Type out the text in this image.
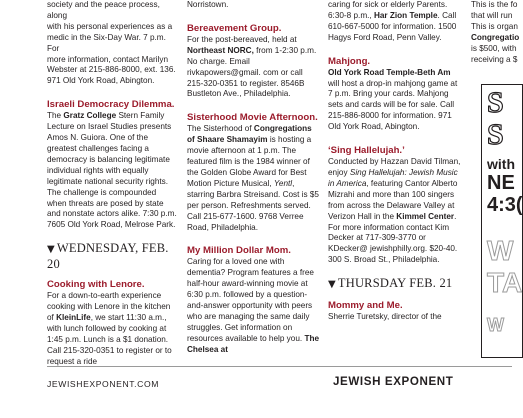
society and the peace process, along

with his personal experiences as a

medic in the Six-Day War. 7 p.m. For

more information, contact Marilyn

Webster at 215-886-8000, ext. 136.

971 Old York Road, Abington.

Israeli Democracy Dilemma.

The Gratz College Stern Family Lecture on Israel Studies presents Amos N. Guiora. One of the greatest challenges facing a democracy is balancing legitimate individual rights with equally legitimate national security rights. The challenge is compounded when threats are posed by state and nonstate actors alike. 7:30 p.m. 7605 Old York Road, Melrose Park.

▼ WEDNESDAY, FEB. 20

Cooking with Lenore.

For a down-to-earth experience cooking with Lenore in the kitchen of KleinLife, we start 11:30 a.m., with lunch followed by cooking at 1:45 p.m. Lunch is a $1 donation. Call 215-320-0351 to register or to request a ride

Norristown.

Bereavement Group.

For the post-bereaved, held at Northeast NORC, from 1-2:30 p.m. No charge. Email rivkapowers@gmail. com or call 215-320-0351 to register. 8546B Bustleton Ave., Philadelphia.

Sisterhood Movie Afternoon.

The Sisterhood of Congregations of Shaare Shamayim is hosting a movie afternoon at 1 p.m. The featured film is the 1984 winner of the Golden Globe Award for Best Motion Picture Musical, Yentl, starring Barbra Streisand. Cost is $5 per person. Refreshments served. Call 215-677-1600. 9768 Verree Road, Philadelphia.

My Million Dollar Mom.

Caring for a loved one with dementia? Program features a free half-hour award-winning movie at 6:30 p.m. followed by a question-and-answer opportunity with peers who are managing the same daily struggles. Get information on resources available to help you. The Chelsea at

caring for sick or elderly Parents.

6:30-8 p.m., Har Zion Temple. Call 610-667-5000 for information. 1500 Hagys Ford Road, Penn Valley.

Mahjong.

Old York Road Temple-Beth Am will host a drop-in mahjong game at 7 p.m. Bring your cards. Mahjong sets and cards will be for sale. Call 215-886-8000 for information. 971 Old York Road, Abington.

‘Sing Hallelujah.’

Conducted by Hazzan David Tilman, enjoy Sing Hallelujah: Jewish Music in America, featuring Cantor Alberto Mizrahi and more than 100 singers from across the Delaware Valley at Verizon Hall in the Kimmel Center. For more information contact Kim Decker at 717-309-3770 or KDecker@ jewishphilly.org. $20-40. 300 S. Broad St., Philadelphia.

▼ THURSDAY FEB. 21

Mommy and Me.

Sherrie Turetsky, director of the

This is the fo

that will run

This is organ

Congregatio

is $500, with

receiving a $

S
S
with
NE
4:3(
W
TA
W
JEWISHEXPONENT.COM	JEWISH EXPONENT
